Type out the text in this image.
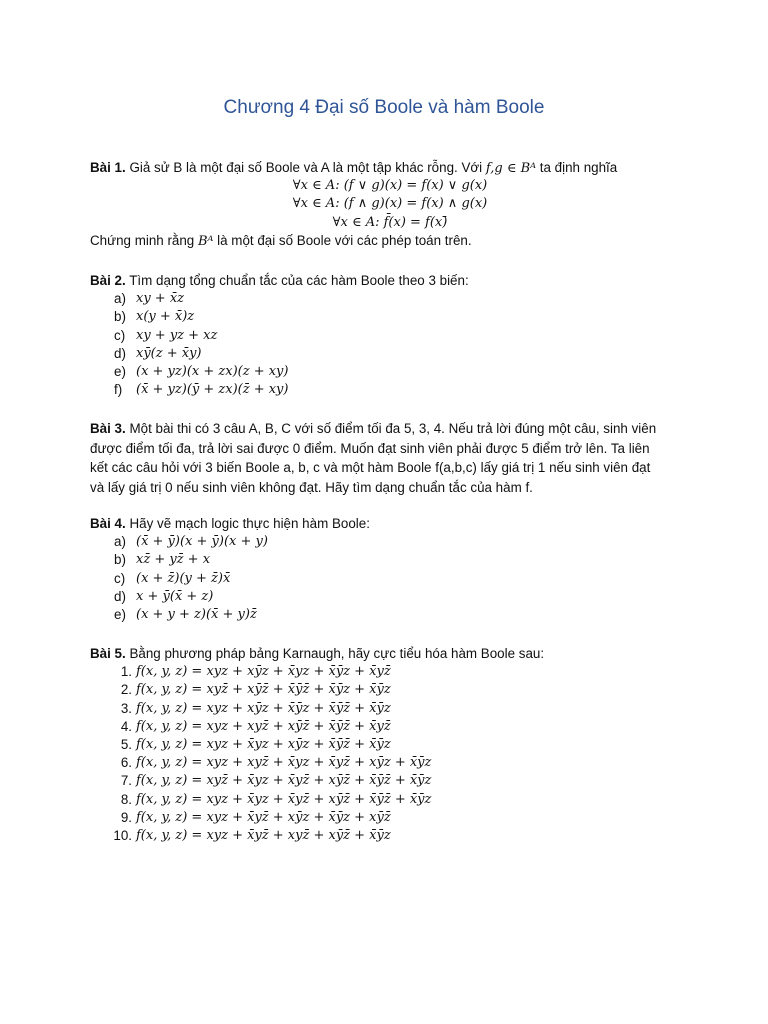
Chương 4 Đại số Boole và hàm Boole
Bài 1. Giả sử B là một đại số Boole và A là một tập khác rỗng. Với f,g ∈ Bᴬ ta định nghĩa
∀x ∈ A: (f ∨ g)(x) = f(x) ∨ g(x)
∀x ∈ A: (f ∧ g)(x) = f(x) ∧ g(x)
∀x ∈ A: f̄(x) = f(x)̄
Chứng minh rằng Bᴬ là một đại số Boole với các phép toán trên.
Bài 2. Tìm dạng tổng chuẩn tắc của các hàm Boole theo 3 biến:
a) xy + x̄z
b) x(y + x̄)z
c) xy + yz + xz
d) xȳ(z + x̄y)
e) (x + yz)(x + zx)(z + xy)
f)	(x̄ + yz)(ȳ + zx)(z̄ + xy)
Bài 3. Một bài thi có 3 câu A, B, C với số điểm tối đa 5, 3, 4. Nếu trả lời đúng một câu, sinh viên
được điểm tối đa, trả lời sai được 0 điểm. Muốn đạt sinh viên phải được 5 điểm trở lên. Ta liên
kết các câu hỏi với 3 biến Boole a, b, c và một hàm Boole f(a,b,c) lấy giá trị 1 nếu sinh viên đạt
và lấy giá trị 0 nếu sinh viên không đạt. Hãy tìm dạng chuẩn tắc của hàm f.
Bài 4. Hãy vẽ mạch logic thực hiện hàm Boole:
a) (x̄ + ȳ)(x + ȳ)(x + y)
b) xz̄ + yz̄ + x
c) (x + z̄)(y + z̄)x̄
d) x + ȳ(x̄ + z)
e) (x + y + z)(x̄ + y)z̄
Bài 5. Bằng phương pháp bảng Karnaugh, hãy cực tiểu hóa hàm Boole sau:
1. f(x, y, z) = xyz + xȳz + x̄yz + x̄ȳz + x̄yz̄
2. f(x, y, z) = xyz̄ + xȳz̄ + x̄ȳz̄ + x̄ȳz + x̄ȳz
3. f(x, y, z) = xyz + xȳz + x̄ȳz + x̄ȳz̄ + x̄ȳz
4. f(x, y, z) = xyz + xyz̄ + xȳz̄ + x̄ȳz̄ + x̄yz̄
5. f(x, y, z) = xyz + x̄yz + xȳz + x̄ȳz̄ + x̄ȳz
6. f(x, y, z) = xyz + xyz̄ + x̄yz + x̄yz̄ + xȳz + x̄ȳz
7. f(x, y, z) = xyz̄ + x̄yz + x̄yz̄ + xȳz̄ + x̄ȳz̄ + x̄ȳz
8. f(x, y, z) = xyz + x̄yz + x̄yz̄ + xȳz̄ + x̄ȳz̄ + x̄ȳz
9. f(x, y, z) = xyz + x̄yz̄ + xȳz + x̄ȳz + xȳz̄
10. f(x, y, z) = xyz + x̄yz̄ + xyz̄ + xȳz̄ + x̄ȳz
